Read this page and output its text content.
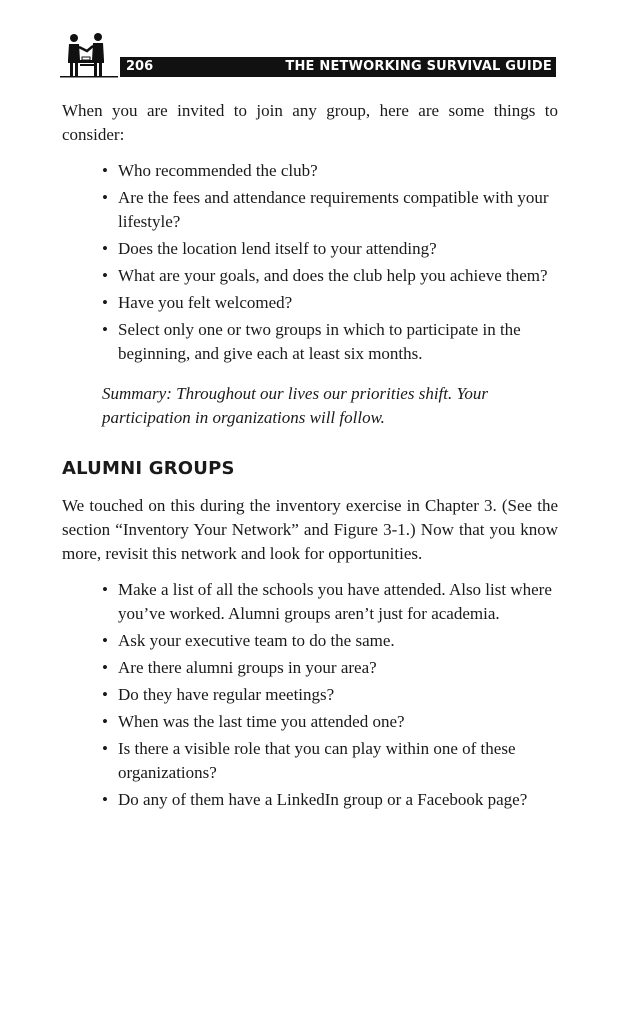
206	THE NETWORKING SURVIVAL GUIDE

When you are invited to join any group, here are some things to consider:

• Who recommended the club?
• Are the fees and attendance requirements compatible with your lifestyle?
• Does the location lend itself to your attending?
• What are your goals, and does the club help you achieve them?
• Have you felt welcomed?
• Select only one or two groups in which to participate in the beginning, and give each at least six months.

Summary: Throughout our lives our priorities shift. Your participation in organizations will follow.

ALUMNI GROUPS

We touched on this during the inventory exercise in Chapter 3. (See the section “Inventory Your Network” and Figure 3-1.) Now that you know more, revisit this network and look for opportunities.

• Make a list of all the schools you have attended. Also list where you’ve worked. Alumni groups aren’t just for academia.
• Ask your executive team to do the same.
• Are there alumni groups in your area?
• Do they have regular meetings?
• When was the last time you attended one?
• Is there a visible role that you can play within one of these organizations?
• Do any of them have a LinkedIn group or a Facebook page?
